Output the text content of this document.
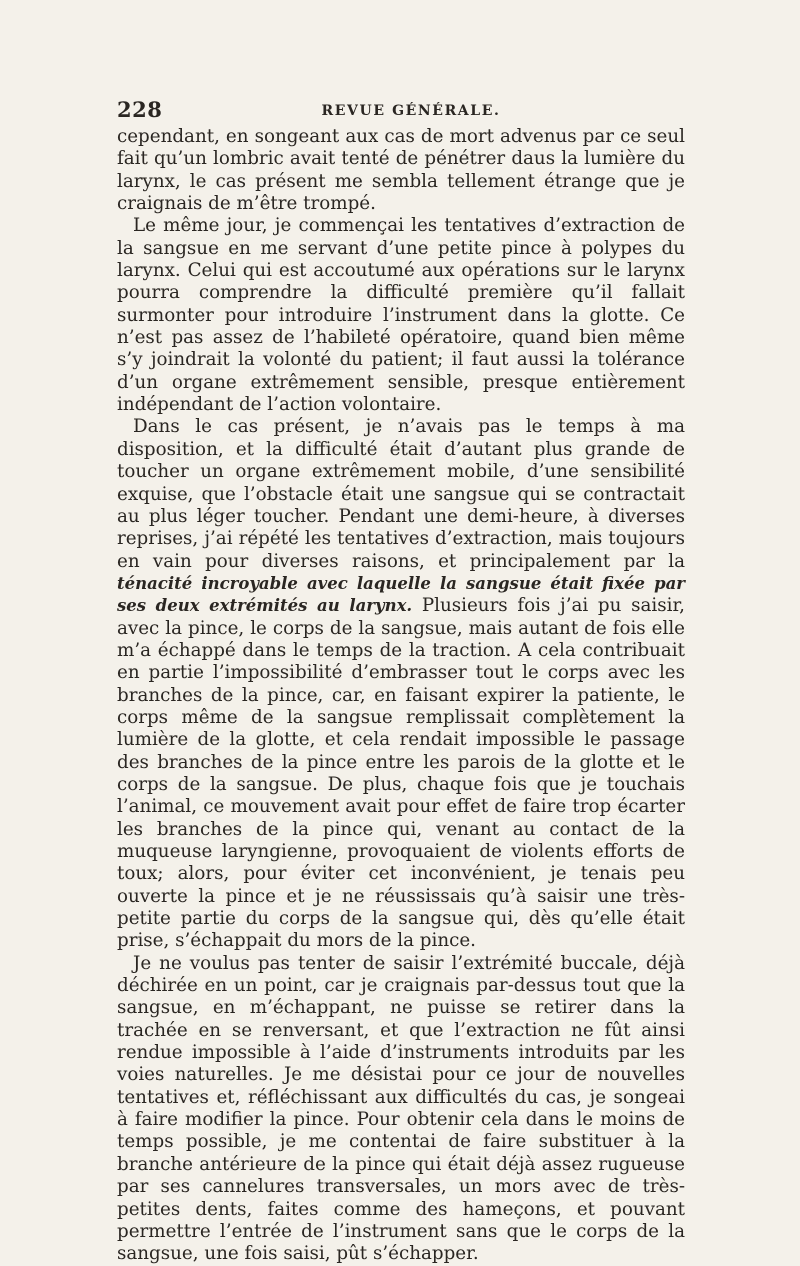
228	REVUE GÉNÉRALE.

cependant, en songeant aux cas de mort advenus par ce seul fait qu’un lombric avait tenté de pénétrer daus la lumière du larynx, le cas présent me sembla tellement étrange que je craignais de m’être trompé.

Le même jour, je commençai les tentatives d’extraction de la sangsue en me servant d’une petite pince à polypes du larynx. Celui qui est accoutumé aux opérations sur le larynx pourra comprendre la difficulté première qu’il fallait surmonter pour introduire l’instrument dans la glotte. Ce n’est pas assez de l’habileté opératoire, quand bien même s’y joindrait la volonté du patient; il faut aussi la tolérance d’un organe extrêmement sensible, presque entièrement indépendant de l’action volontaire.

Dans le cas présent, je n’avais pas le temps à ma disposition, et la difficulté était d’autant plus grande de toucher un organe extrêmement mobile, d’une sensibilité exquise, que l’obstacle était une sangsue qui se contractait au plus léger toucher. Pendant une demi-heure, à diverses reprises, j’ai répété les tentatives d’extraction, mais toujours en vain pour diverses raisons, et principalement par la ténacité incroyable avec laquelle la sangsue était fixée par ses deux extrémités au larynx. Plusieurs fois j’ai pu saisir, avec la pince, le corps de la sangsue, mais autant de fois elle m’a échappé dans le temps de la traction. A cela contribuait en partie l’impossibilité d’embrasser tout le corps avec les branches de la pince, car, en faisant expirer la patiente, le corps même de la sangsue remplissait complètement la lumière de la glotte, et cela rendait impossible le passage des branches de la pince entre les parois de la glotte et le corps de la sangsue. De plus, chaque fois que je touchais l’animal, ce mouvement avait pour effet de faire trop écarter les branches de la pince qui, venant au contact de la muqueuse laryngienne, provoquaient de violents efforts de toux; alors, pour éviter cet inconvénient, je tenais peu ouverte la pince et je ne réussissais qu’à saisir une très-petite partie du corps de la sangsue qui, dès qu’elle était prise, s’échappait du mors de la pince.

Je ne voulus pas tenter de saisir l’extrémité buccale, déjà déchirée en un point, car je craignais par-dessus tout que la sangsue, en m’échappant, ne puisse se retirer dans la trachée en se renversant, et que l’extraction ne fût ainsi rendue impossible à l’aide d’instruments introduits par les voies naturelles. Je me désistai pour ce jour de nouvelles tentatives et, réfléchissant aux difficultés du cas, je songeai à faire modifier la pince. Pour obtenir cela dans le moins de temps possible, je me contentai de faire substituer à la branche antérieure de la pince qui était déjà assez rugueuse par ses cannelures transversales, un mors avec de très-petites dents, faites comme des hameçons, et pouvant permettre l’entrée de l’instrument sans que le corps de la sangsue, une fois saisi, pût s’échapper.
